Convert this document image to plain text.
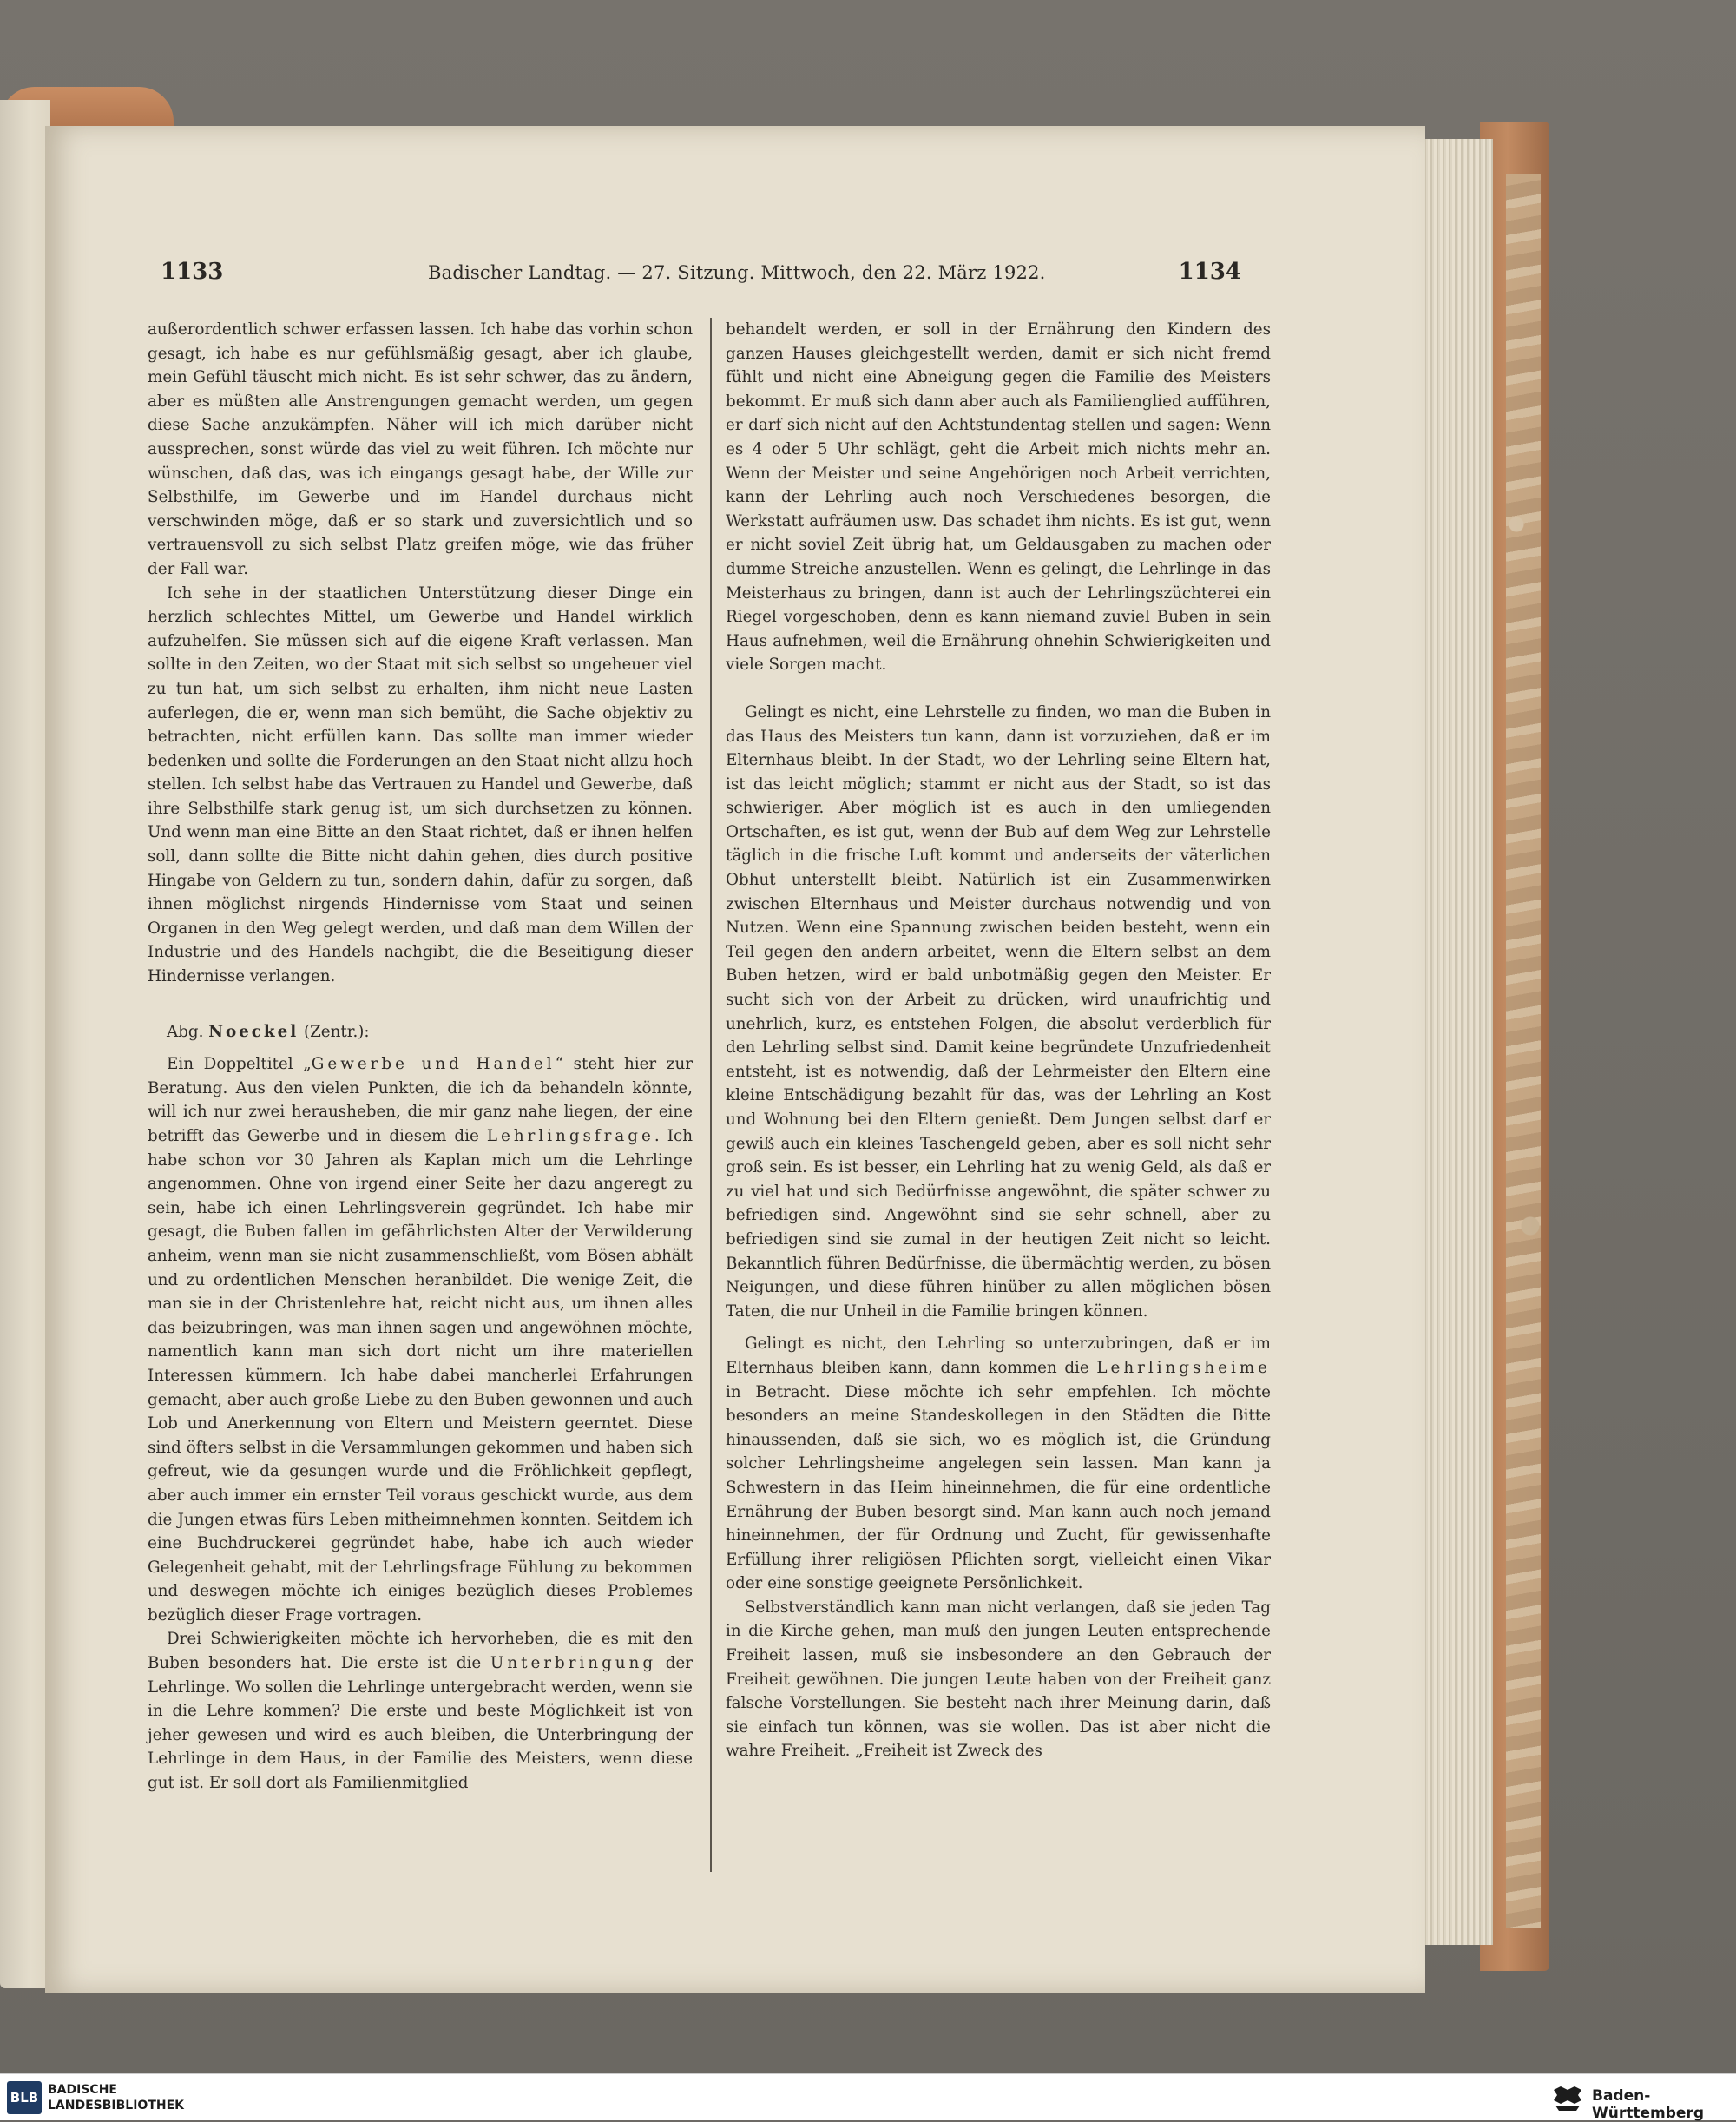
1133	Badischer Landtag. — 27. Sitzung. Mittwoch, den 22. März 1922.	1134

außerordentlich schwer erfassen lassen. Ich habe das vorhin schon gesagt, ich habe es nur gefühlsmäßig gesagt, aber ich glaube, mein Gefühl täuscht mich nicht. Es ist sehr schwer, das zu ändern, aber es müßten alle Anstrengungen gemacht werden, um gegen diese Sache anzukämpfen. Näher will ich mich darüber nicht aussprechen, sonst würde das viel zu weit führen. Ich möchte nur wünschen, daß das, was ich eingangs gesagt habe, der Wille zur Selbsthilfe, im Gewerbe und im Handel durchaus nicht verschwinden möge, daß er so stark und zuversichtlich und so vertrauensvoll zu sich selbst Platz greifen möge, wie das früher der Fall war.

Ich sehe in der staatlichen Unterstützung dieser Dinge ein herzlich schlechtes Mittel, um Gewerbe und Handel wirklich aufzuhelfen. Sie müssen sich auf die eigene Kraft verlassen. Man sollte in den Zeiten, wo der Staat mit sich selbst so ungeheuer viel zu tun hat, um sich selbst zu erhalten, ihm nicht neue Lasten auferlegen, die er, wenn man sich bemüht, die Sache objektiv zu betrachten, nicht erfüllen kann. Das sollte man immer wieder bedenken und sollte die Forderungen an den Staat nicht allzu hoch stellen. Ich selbst habe das Vertrauen zu Handel und Gewerbe, daß ihre Selbsthilfe stark genug ist, um sich durchsetzen zu können. Und wenn man eine Bitte an den Staat richtet, daß er ihnen helfen soll, dann sollte die Bitte nicht dahin gehen, dies durch positive Hingabe von Geldern zu tun, sondern dahin, dafür zu sorgen, daß ihnen möglichst nirgends Hindernisse vom Staat und seinen Organen in den Weg gelegt werden, und daß man dem Willen der Industrie und des Handels nachgibt, die die Beseitigung dieser Hindernisse verlangen.

Abg. Noeckel (Zentr.):

Ein Doppeltitel „Gewerbe und Handel“ steht hier zur Beratung. Aus den vielen Punkten, die ich da behandeln könnte, will ich nur zwei herausheben, die mir ganz nahe liegen, der eine betrifft das Gewerbe und in diesem die Lehrlingsfrage. Ich habe schon vor 30 Jahren als Kaplan mich um die Lehrlinge angenommen. Ohne von irgend einer Seite her dazu angeregt zu sein, habe ich einen Lehrlingsverein gegründet. Ich habe mir gesagt, die Buben fallen im gefährlichsten Alter der Verwilderung anheim, wenn man sie nicht zusammenschließt, vom Bösen abhält und zu ordentlichen Menschen heranbildet. Die wenige Zeit, die man sie in der Christenlehre hat, reicht nicht aus, um ihnen alles das beizubringen, was man ihnen sagen und angewöhnen möchte, namentlich kann man sich dort nicht um ihre materiellen Interessen kümmern. Ich habe dabei mancherlei Erfahrungen gemacht, aber auch große Liebe zu den Buben gewonnen und auch Lob und Anerkennung von Eltern und Meistern geerntet. Diese sind öfters selbst in die Versammlungen gekommen und haben sich gefreut, wie da gesungen wurde und die Fröhlichkeit gepflegt, aber auch immer ein ernster Teil voraus geschickt wurde, aus dem die Jungen etwas fürs Leben mitheimnehmen konnten. Seitdem ich eine Buchdruckerei gegründet habe, habe ich auch wieder Gelegenheit gehabt, mit der Lehrlingsfrage Fühlung zu bekommen und deswegen möchte ich einiges bezüglich dieses Problemes bezüglich dieser Frage vortragen.

Drei Schwierigkeiten möchte ich hervorheben, die es mit den Buben besonders hat. Die erste ist die Unterbringung der Lehrlinge. Wo sollen die Lehrlinge untergebracht werden, wenn sie in die Lehre kommen? Die erste und beste Möglichkeit ist von jeher gewesen und wird es auch bleiben, die Unterbringung der Lehrlinge in dem Haus, in der Familie des Meisters, wenn diese gut ist. Er soll dort als Familienmitglied

behandelt werden, er soll in der Ernährung den Kindern des ganzen Hauses gleichgestellt werden, damit er sich nicht fremd fühlt und nicht eine Abneigung gegen die Familie des Meisters bekommt. Er muß sich dann aber auch als Familienglied aufführen, er darf sich nicht auf den Achtstundentag stellen und sagen: Wenn es 4 oder 5 Uhr schlägt, geht die Arbeit mich nichts mehr an. Wenn der Meister und seine Angehörigen noch Arbeit verrichten, kann der Lehrling auch noch Verschiedenes besorgen, die Werkstatt aufräumen usw. Das schadet ihm nichts. Es ist gut, wenn er nicht soviel Zeit übrig hat, um Geldausgaben zu machen oder dumme Streiche anzustellen. Wenn es gelingt, die Lehrlinge in das Meisterhaus zu bringen, dann ist auch der Lehrlingszüchterei ein Riegel vorgeschoben, denn es kann niemand zuviel Buben in sein Haus aufnehmen, weil die Ernährung ohnehin Schwierigkeiten und viele Sorgen macht.

Gelingt es nicht, eine Lehrstelle zu finden, wo man die Buben in das Haus des Meisters tun kann, dann ist vorzuziehen, daß er im Elternhaus bleibt. In der Stadt, wo der Lehrling seine Eltern hat, ist das leicht möglich; stammt er nicht aus der Stadt, so ist das schwieriger. Aber möglich ist es auch in den umliegenden Ortschaften, es ist gut, wenn der Bub auf dem Weg zur Lehrstelle täglich in die frische Luft kommt und anderseits der väterlichen Obhut unterstellt bleibt. Natürlich ist ein Zusammenwirken zwischen Elternhaus und Meister durchaus notwendig und von Nutzen. Wenn eine Spannung zwischen beiden besteht, wenn ein Teil gegen den andern arbeitet, wenn die Eltern selbst an dem Buben hetzen, wird er bald unbotmäßig gegen den Meister. Er sucht sich von der Arbeit zu drücken, wird unaufrichtig und unehrlich, kurz, es entstehen Folgen, die absolut verderblich für den Lehrling selbst sind. Damit keine begründete Unzufriedenheit entsteht, ist es notwendig, daß der Lehrmeister den Eltern eine kleine Entschädigung bezahlt für das, was der Lehrling an Kost und Wohnung bei den Eltern genießt. Dem Jungen selbst darf er gewiß auch ein kleines Taschengeld geben, aber es soll nicht sehr groß sein. Es ist besser, ein Lehrling hat zu wenig Geld, als daß er zu viel hat und sich Bedürfnisse angewöhnt, die später schwer zu befriedigen sind. Angewöhnt sind sie sehr schnell, aber zu befriedigen sind sie zumal in der heutigen Zeit nicht so leicht. Bekanntlich führen Bedürfnisse, die übermächtig werden, zu bösen Neigungen, und diese führen hinüber zu allen möglichen bösen Taten, die nur Unheil in die Familie bringen können.

Gelingt es nicht, den Lehrling so unterzubringen, daß er im Elternhaus bleiben kann, dann kommen die Lehrlingsheime in Betracht. Diese möchte ich sehr empfehlen. Ich möchte besonders an meine Standeskollegen in den Städten die Bitte hinaussenden, daß sie sich, wo es möglich ist, die Gründung solcher Lehrlingsheime angelegen sein lassen. Man kann ja Schwestern in das Heim hineinnehmen, die für eine ordentliche Ernährung der Buben besorgt sind. Man kann auch noch jemand hineinnehmen, der für Ordnung und Zucht, für gewissenhafte Erfüllung ihrer religiösen Pflichten sorgt, vielleicht einen Vikar oder eine sonstige geeignete Persönlichkeit.

Selbstverständlich kann man nicht verlangen, daß sie jeden Tag in die Kirche gehen, man muß den jungen Leuten entsprechende Freiheit lassen, muß sie insbesondere an den Gebrauch der Freiheit gewöhnen. Die jungen Leute haben von der Freiheit ganz falsche Vorstellungen. Sie besteht nach ihrer Meinung darin, daß sie einfach tun können, was sie wollen. Das ist aber nicht die wahre Freiheit. „Freiheit ist Zweck des

BLB BADISCHE
LANDESBIBLIOTHEK
Baden-Württemberg
